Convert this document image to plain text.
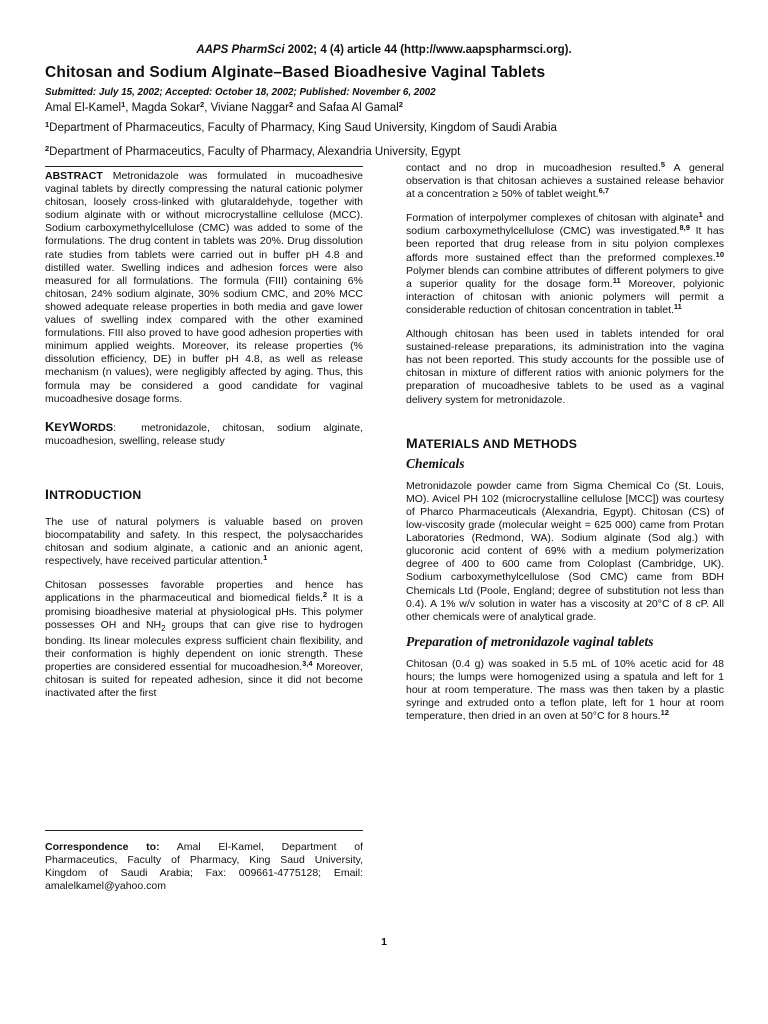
AAPS PharmSci 2002; 4 (4) article 44 (http://www.aapspharmsci.org).

Chitosan and Sodium Alginate–Based Bioadhesive Vaginal Tablets

Submitted: July 15, 2002; Accepted: October 18, 2002; Published: November 6, 2002

Amal El-Kamel$^1$, Magda Sokar$^2$, Viviane Naggar$^2$ and Safaa Al Gamal$^2$

$^1$Department of Pharmaceutics, Faculty of Pharmacy, King Saud University, Kingdom of Saudi Arabia

$^2$Department of Pharmaceutics, Faculty of Pharmacy, Alexandria University, Egypt

ABSTRACT Metronidazole was formulated in mucoadhesive vaginal tablets by directly compressing the natural cationic polymer chitosan, loosely cross-linked with glutaraldehyde, together with sodium alginate with or without microcrystalline cellulose (MCC). Sodium carboxymethylcellulose (CMC) was added to some of the formulations. The drug content in tablets was 20%. Drug dissolution rate studies from tablets were carried out in buffer pH 4.8 and distilled water. Swelling indices and adhesion forces were also measured for all formulations. The formula (FIII) containing 6% chitosan, 24% sodium alginate, 30% sodium CMC, and 20% MCC showed adequate release properties in both media and gave lower values of swelling index compared with the other examined formulations. FIII also proved to have good adhesion properties with minimum applied weights. Moreover, its release properties (% dissolution efficiency, DE) in buffer pH 4.8, as well as release mechanism (n values), were negligibly affected by aging. Thus, this formula may be considered a good candidate for vaginal mucoadhesive dosage forms.

KEYWORDS:  metronidazole, chitosan, sodium alginate, mucoadhesion, swelling, release study

INTRODUCTION

The use of natural polymers is valuable based on proven biocompatability and safety. In this respect, the polysaccharides chitosan and sodium alginate, a cationic and an anionic agent, respectively, have received particular attention.$^1$

Chitosan possesses favorable properties and hence has applications in the pharmaceutical and biomedical fields.$^2$ It is a promising bioadhesive material at physiological pHs. This polymer possesses OH and $NH_2$ groups that can give rise to hydrogen bonding. Its linear molecules express sufficient chain flexibility, and their conformation is highly dependent on ionic strength. These properties are considered essential for mucoadhesion.$^{3,4}$ Moreover, chitosan is suited for repeated adhesion, since it did not become inactivated after the first

Correspondence to: Amal El-Kamel, Department of Pharmaceutics, Faculty of Pharmacy, King Saud University, Kingdom of Saudi Arabia; Fax: 009661-4775128; Email: amalelkamel@yahoo.com

contact and no drop in mucoadhesion resulted.$^5$ A general observation is that chitosan achieves a sustained release behavior at a concentration ≥ 50% of tablet weight.$^{6,7}$

Formation of interpolymer complexes of chitosan with alginate$^1$ and sodium carboxymethylcellulose (CMC) was investigated.$^{8,9}$ It has been reported that drug release from in situ polyion complexes affords more sustained effect than the preformed complexes.$^{10}$ Polymer blends can combine attributes of different polymers to give a superior quality for the dosage form.$^{11}$ Moreover, polyionic interaction of chitosan with anionic polymers will permit a considerable reduction of chitosan concentration in tablet.$^{11}$

Although chitosan has been used in tablets intended for oral sustained-release preparations, its administration into the vagina has not been reported. This study accounts for the possible use of chitosan in mixture of different ratios with anionic polymers for the preparation of mucoadhesive tablets to be used as a vaginal delivery system for metronidazole.

MATERIALS AND METHODS
Chemicals

Metronidazole powder came from Sigma Chemical Co (St. Louis, MO). Avicel PH 102 (microcrystalline cellulose [MCC]) was courtesy of Pharco Pharmaceuticals (Alexandria, Egypt). Chitosan (CS) of low-viscosity grade (molecular weight = 625 000) came from Protan Laboratories (Redmond, WA). Sodium alginate (Sod alg.) with glucoronic acid content of 69% with a medium polymerization degree of 400 to 600 came from Coloplast (Cambridge, UK). Sodium carboxymethylcellulose (Sod CMC) came from BDH Chemicals Ltd (Poole, England; degree of substitution not less than 0.4). A 1% w/v solution in water has a viscosity at 20°C of 8 cP. All other chemicals were of analytical grade.

Preparation of metronidazole vaginal tablets

Chitosan (0.4 g) was soaked in 5.5 mL of 10% acetic acid for 48 hours; the lumps were homogenized using a spatula and left for 1 hour at room temperature. The mass was then taken by a plastic syringe and extruded onto a teflon plate, left for 1 hour at room temperature, then dried in an oven at 50°C for 8 hours.$^{12}$

1
